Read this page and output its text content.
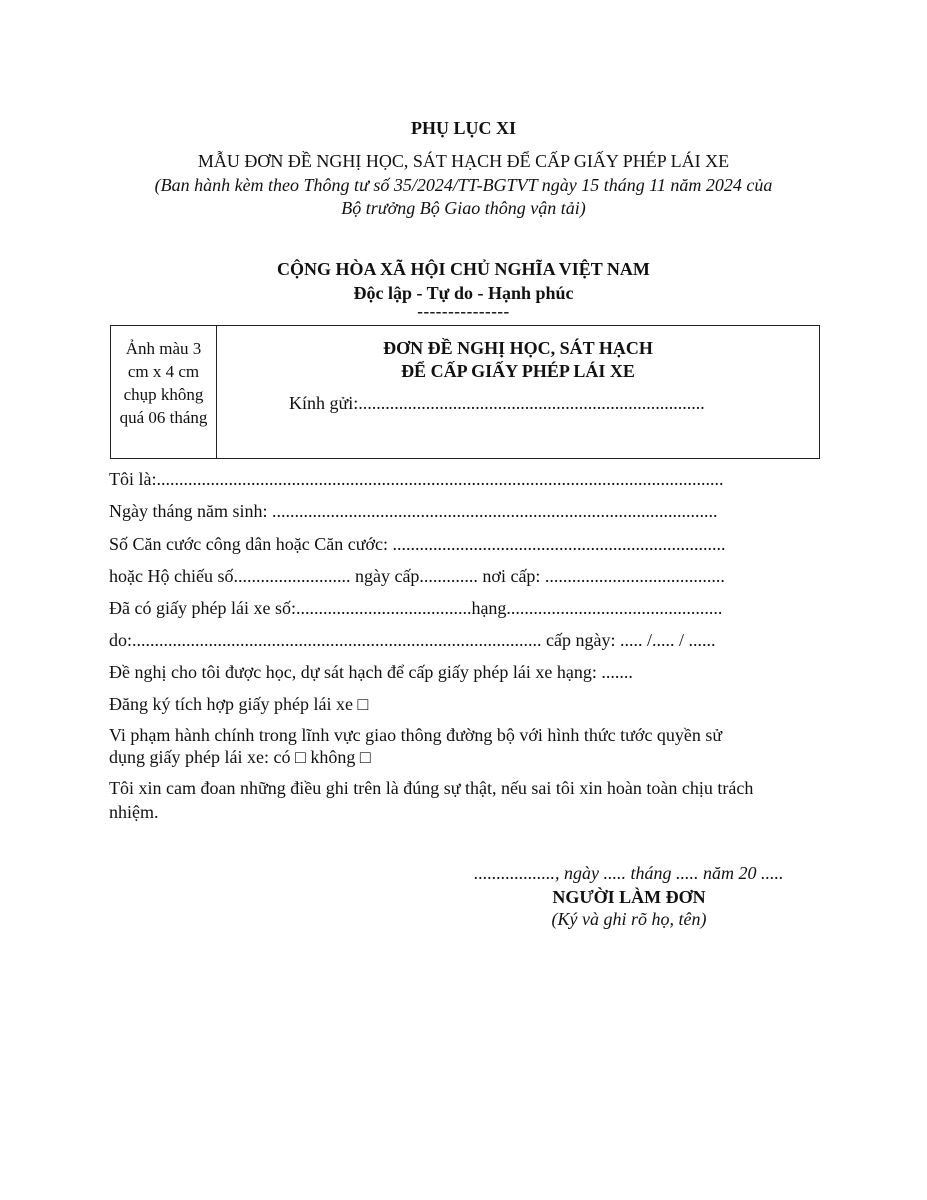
PHỤ LỤC XI
MẪU ĐƠN ĐỀ NGHỊ HỌC, SÁT HẠCH ĐỂ CẤP GIẤY PHÉP LÁI XE
(Ban hành kèm theo Thông tư số 35/2024/TT-BGTVT ngày 15 tháng 11 năm 2024 của
Bộ trưởng Bộ Giao thông vận tải)
CỘNG HÒA XÃ HỘI CHỦ NGHĨA VIỆT NAM
Độc lập - Tự do - Hạnh phúc
---------------
Ảnh màu 3
cm x 4 cm
chụp không
quá 06 tháng
ĐƠN ĐỀ NGHỊ HỌC, SÁT HẠCH
ĐỂ CẤP GIẤY PHÉP LÁI XE
Kính gửi:.............................................................................
Tôi là:..............................................................................................................................
Ngày tháng năm sinh: ...................................................................................................
Số Căn cước công dân hoặc Căn cước: ..........................................................................
hoặc Hộ chiếu số.......................... ngày cấp............. nơi cấp: ........................................
Đã có giấy phép lái xe số:.......................................hạng................................................
do:........................................................................................... cấp ngày: ..... /..... / ......
Đề nghị cho tôi được học, dự sát hạch để cấp giấy phép lái xe hạng: .......
Đăng ký tích hợp giấy phép lái xe □
Vi phạm hành chính trong lĩnh vực giao thông đường bộ với hình thức tước quyền sử
dụng giấy phép lái xe: có □ không □
Tôi xin cam đoan những điều ghi trên là đúng sự thật, nếu sai tôi xin hoàn toàn chịu trách
nhiệm.
.................., ngày ..... tháng ..... năm 20 .....
NGƯỜI LÀM ĐƠN
(Ký và ghi rõ họ, tên)
